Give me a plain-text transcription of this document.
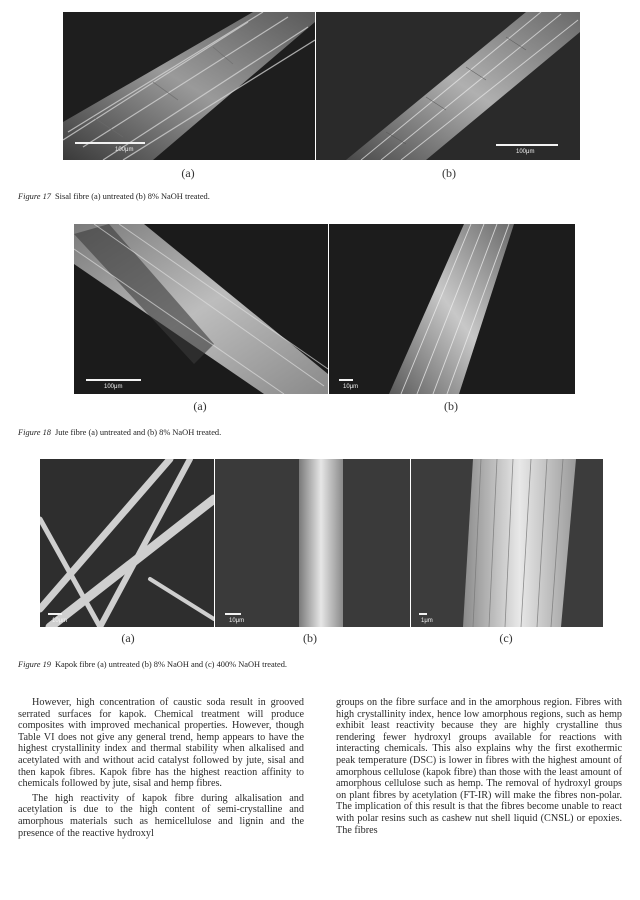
100μm	100μm
(a)	(b)
Figure 17 Sisal fibre (a) untreated (b) 8% NaOH treated.
100μm	10μm
(a)	(b)
Figure 18 Jute fibre (a) untreated and (b) 8% NaOH treated.
10μm	10μm	1μm
(a)	(b)	(c)
Figure 19 Kapok fibre (a) untreated (b) 8% NaOH and (c) 400% NaOH treated.

However, high concentration of caustic soda result in grooved serrated surfaces for kapok. Chemical treatment will produce composites with improved mechanical properties. However, though Table VI does not give any general trend, hemp appears to have the highest crystallinity index and thermal stability when alkalised and acetylated with and without acid catalyst followed by jute, sisal and then kapok fibres. Kapok fibre has the highest reaction affinity to chemicals followed by jute, sisal and hemp fibres.

The high reactivity of kapok fibre during alkalisation and acetylation is due to the high content of semi-crystalline and amorphous materials such as hemicellulose and lignin and the presence of the reactive hydroxyl

groups on the fibre surface and in the amorphous region. Fibres with high crystallinity index, hence low amorphous regions, such as hemp exhibit least reactivity because they are highly crystalline thus rendering fewer hydroxyl groups available for reactions with interacting chemicals. This also explains why the first exothermic peak temperature (DSC) is lower in fibres with the highest amount of amorphous cellulose (kapok fibre) than those with the least amount of amorphous cellulose such as hemp. The removal of hydroxyl groups on plant fibres by acetylation (FT-IR) will make the fibres non-polar. The implication of this result is that the fibres become unable to react with polar resins such as cashew nut shell liquid (CNSL) or epoxies. The fibres
